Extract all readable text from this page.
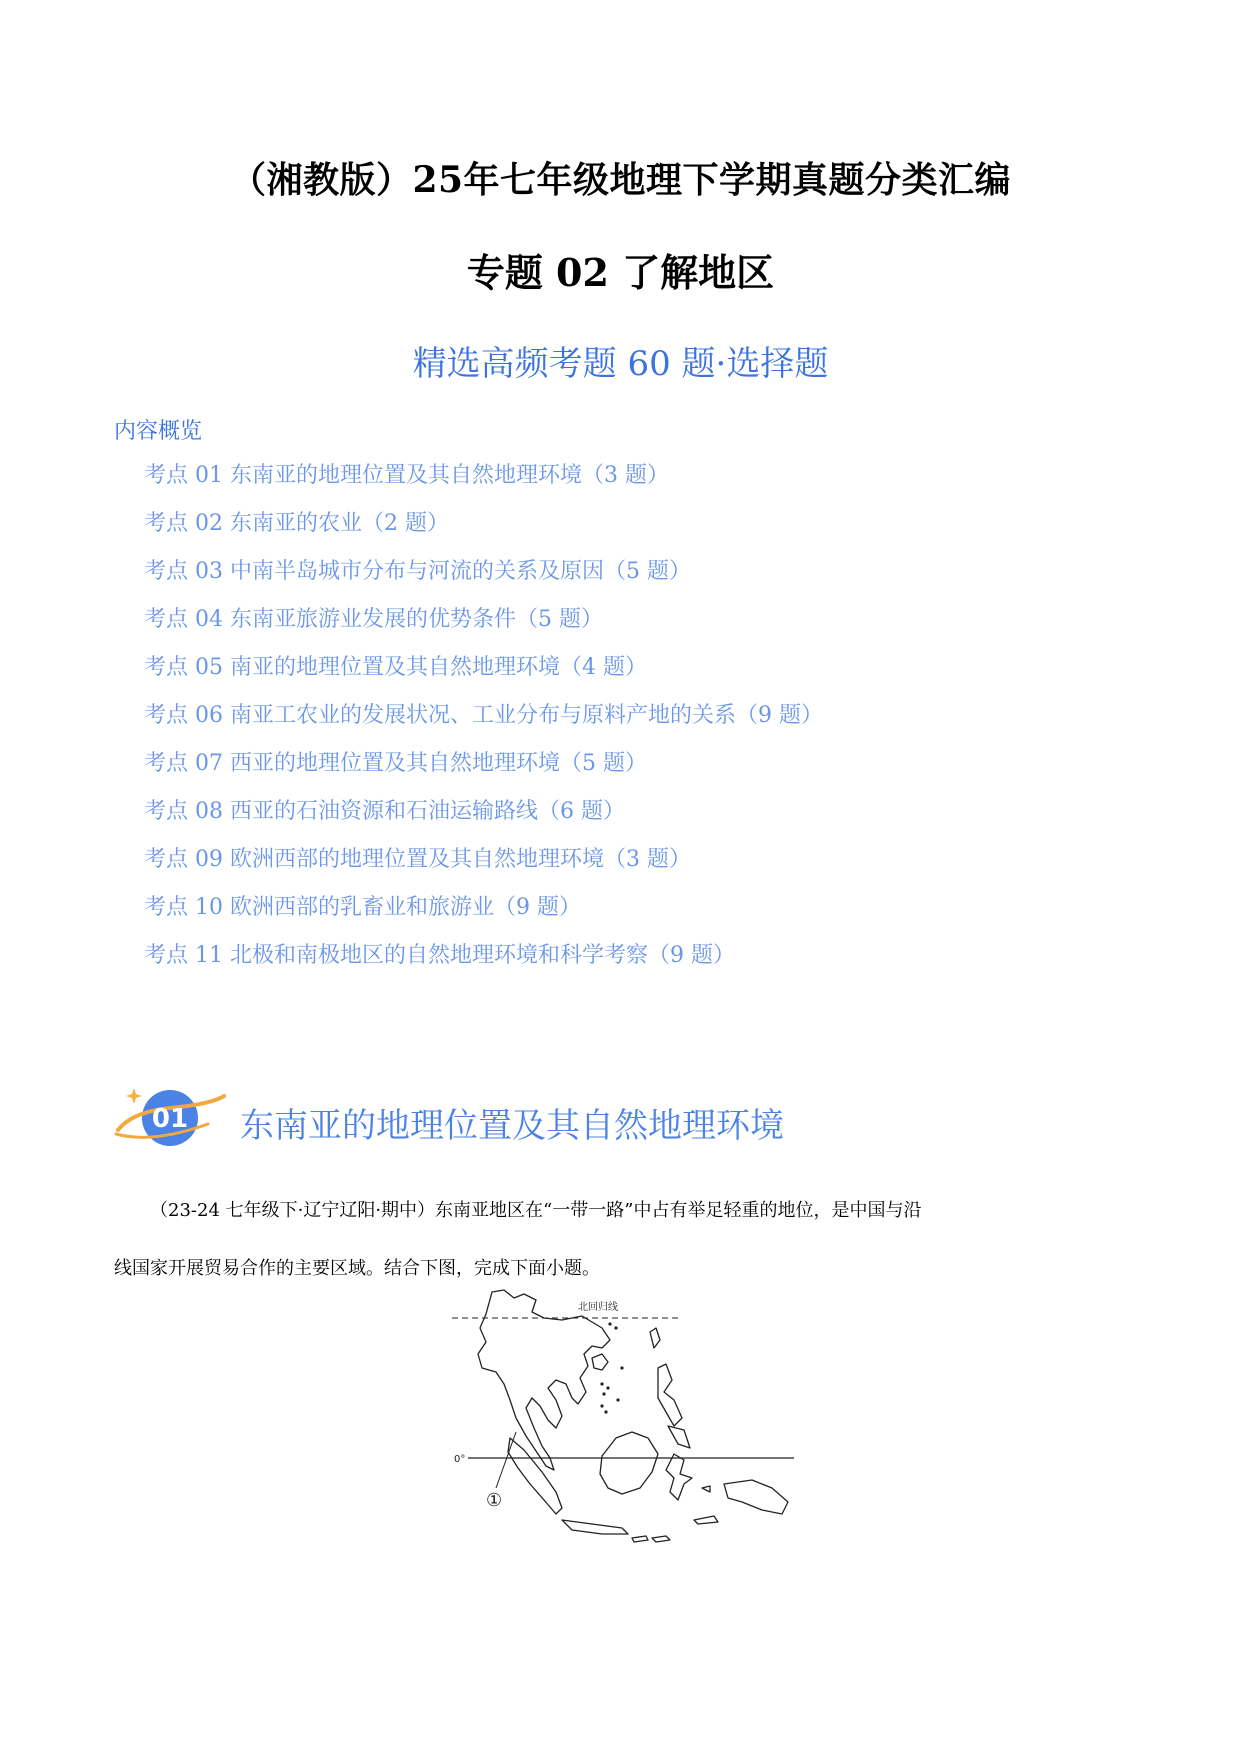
（湘教版）25年七年级地理下学期真题分类汇编
专题 02 了解地区
精选高频考题 60 题·选择题
内容概览
考点 01 东南亚的地理位置及其自然地理环境（3 题）
考点 02 东南亚的农业（2 题）
考点 03 中南半岛城市分布与河流的关系及原因（5 题）
考点 04 东南亚旅游业发展的优势条件（5 题）
考点 05 南亚的地理位置及其自然地理环境（4 题）
考点 06 南亚工农业的发展状况、工业分布与原料产地的关系（9 题）
考点 07 西亚的地理位置及其自然地理环境（5 题）
考点 08 西亚的石油资源和石油运输路线（6 题）
考点 09 欧洲西部的地理位置及其自然地理环境（3 题）
考点 10 欧洲西部的乳畜业和旅游业（9 题）
考点 11 北极和南极地区的自然地理环境和科学考察（9 题）
01 东南亚的地理位置及其自然地理环境

（23-24 七年级下·辽宁辽阳·期中）东南亚地区在“一带一路”中占有举足轻重的地位，是中国与沿

线国家开展贸易合作的主要区域。结合下图，完成下面小题。

北回归线
0°
①
